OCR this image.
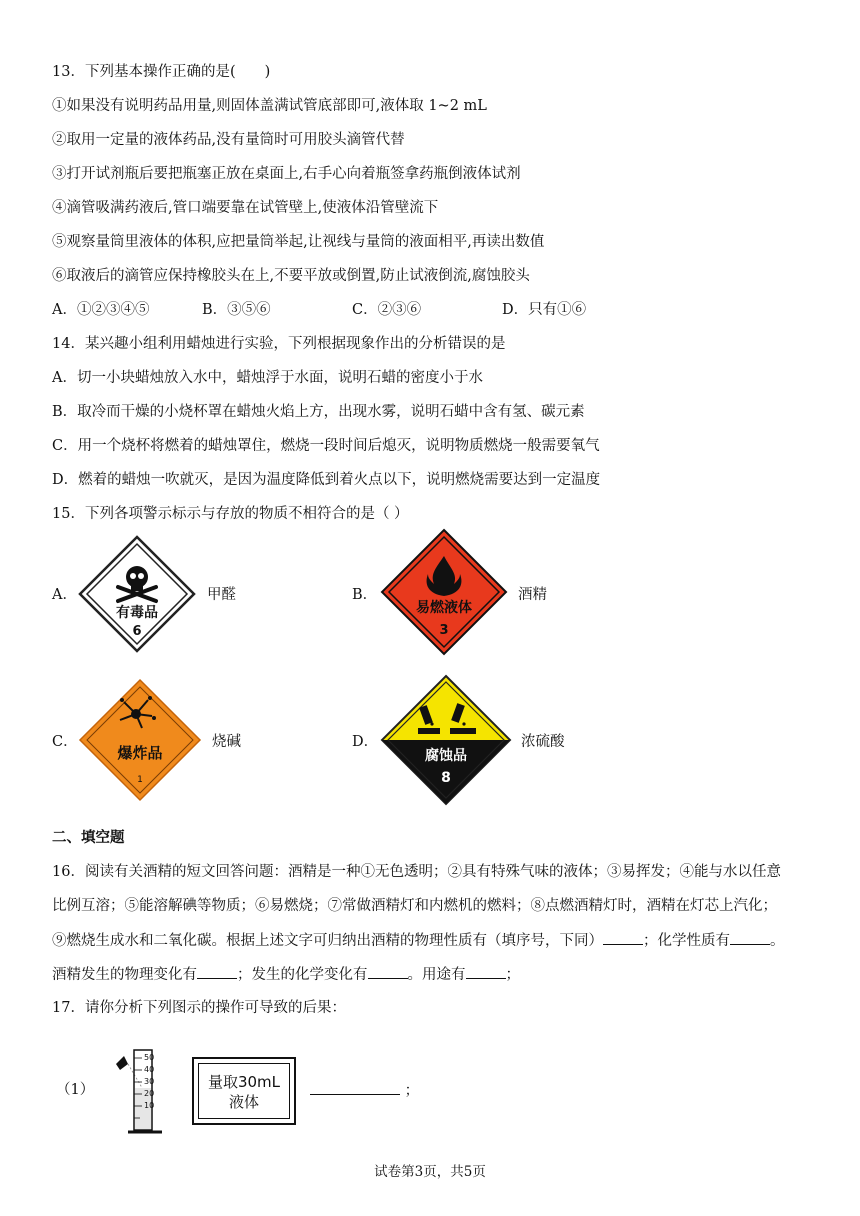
13．下列基本操作正确的是(　　)
①如果没有说明药品用量,则固体盖满试管底部即可,液体取 1~2 mL
②取用一定量的液体药品,没有量筒时可用胶头滴管代替
③打开试剂瓶后要把瓶塞正放在桌面上,右手心向着瓶签拿药瓶倒液体试剂
④滴管吸满药液后,管口端要靠在试管壁上,使液体沿管壁流下
⑤观察量筒里液体的体积,应把量筒举起,让视线与量筒的液面相平,再读出数值
⑥取液后的滴管应保持橡胶头在上,不要平放或倒置,防止试液倒流,腐蚀胶头
A．①②③④⑤	B．③⑤⑥	C．②③⑥	D．只有①⑥
14．某兴趣小组利用蜡烛进行实验，下列根据现象作出的分析错误的是
A．切一小块蜡烛放入水中，蜡烛浮于水面，说明石蜡的密度小于水
B．取冷而干燥的小烧杯罩在蜡烛火焰上方，出现水雾，说明石蜡中含有氢、碳元素
C．用一个烧杯将燃着的蜡烛罩住，燃烧一段时间后熄灭，说明物质燃烧一般需要氧气
D．燃着的蜡烛一吹就灭，是因为温度降低到着火点以下，说明燃烧需要达到一定温度
15．下列各项警示标示与存放的物质不相符合的是（ ）
A．
有毒品
6
甲醛	B．
易燃液体
3
酒精
C．
爆炸品
1
烧碱	D．
腐蚀品
8
浓硫酸
二、填空题
16．阅读有关酒精的短文回答问题：酒精是一种①无色透明；②具有特殊气味的液体；③易挥发；④能与水以任意
比例互溶；⑤能溶解碘等物质；⑥易燃烧；⑦常做酒精灯和内燃机的燃料；⑧点燃酒精灯时，酒精在灯芯上汽化；
⑨燃烧生成水和二氧化碳。根据上述文字可归纳出酒精的物理性质有（填序号，下同）	；化学性质有	。
酒精发生的物理变化有	；发生的化学变化有	。用途有	；
17．请你分析下列图示的操作可导致的后果：
（1）
50
40
30
20
10
量取30mL
液体
；
试卷第3页，共5页
